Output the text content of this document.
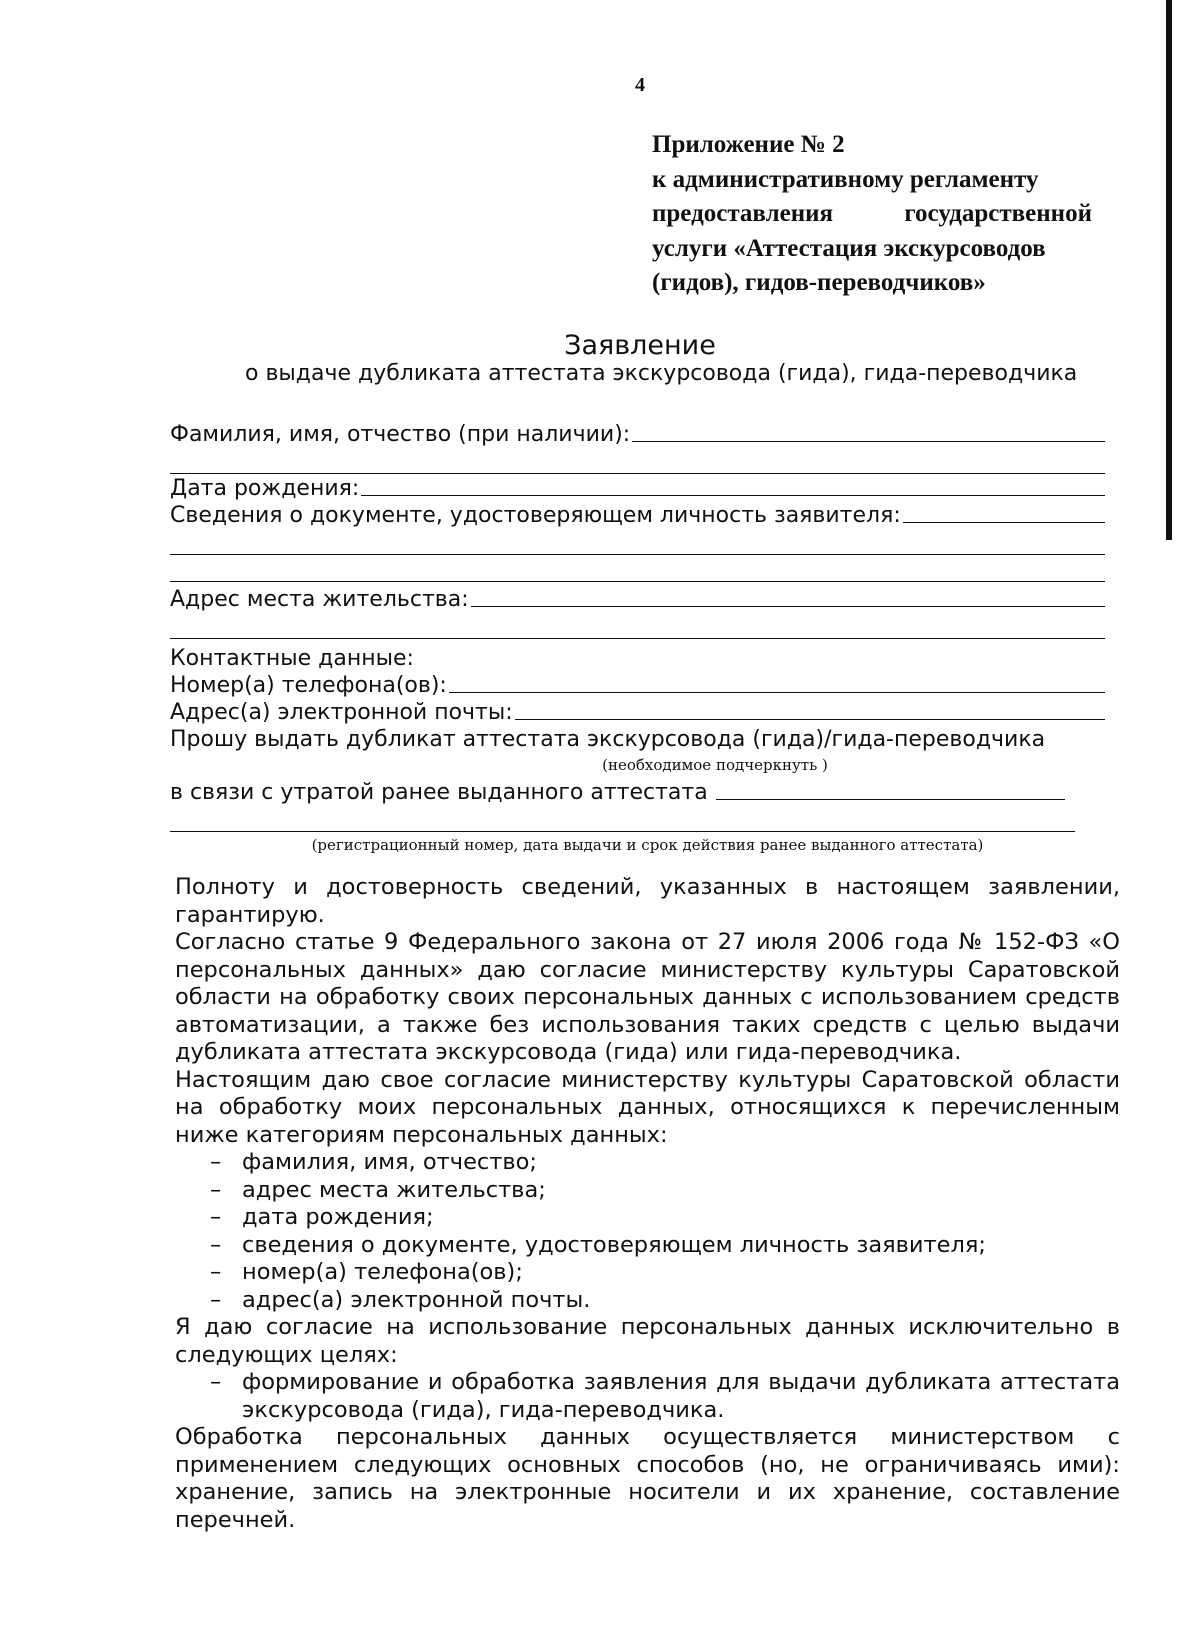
4
Приложение № 2
к административному регламенту
предоставления	государственной
услуги «Аттестация экскурсоводов
(гидов), гидов-переводчиков»
Заявление
о выдаче дубликата аттестата экскурсовода (гида), гида-переводчика
Фамилия, имя, отчество (при наличии):
Дата рождения:
Сведения о документе, удостоверяющем личность заявителя:
Адрес места жительства:
Контактные данные:
Номер(а) телефона(ов):
Адрес(а) электронной почты:
Прошу выдать дубликат аттестата экскурсовода (гида)/гида-переводчика
(необходимое подчеркнуть )
в связи с утратой ранее выданного аттестата
(регистрационный номер, дата выдачи и срок действия ранее выданного аттестата)

Полноту и достоверность сведений, указанных в настоящем заявлении, гарантирую.

Согласно статье 9 Федерального закона от 27 июля 2006 года № 152-ФЗ «О персональных данных» даю согласие министерству культуры Саратовской области на обработку своих персональных данных с использованием средств автоматизации, а также без использования таких средств с целью выдачи дубликата аттестата экскурсовода (гида) или гида-переводчика.

Настоящим даю свое согласие министерству культуры Саратовской области на обработку моих персональных данных, относящихся к перечисленным ниже категориям персональных данных:

– фамилия, имя, отчество;
– адрес места жительства;
– дата рождения;
– сведения о документе, удостоверяющем личность заявителя;
– номер(а) телефона(ов);
– адрес(а) электронной почты.

Я даю согласие на использование персональных данных исключительно в следующих целях:

– формирование и обработка заявления для выдачи дубликата аттестата экскурсовода (гида), гида-переводчика.

Обработка персональных данных осуществляется министерством с применением следующих основных способов (но, не ограничиваясь ими): хранение, запись на электронные носители и их хранение, составление перечней.
